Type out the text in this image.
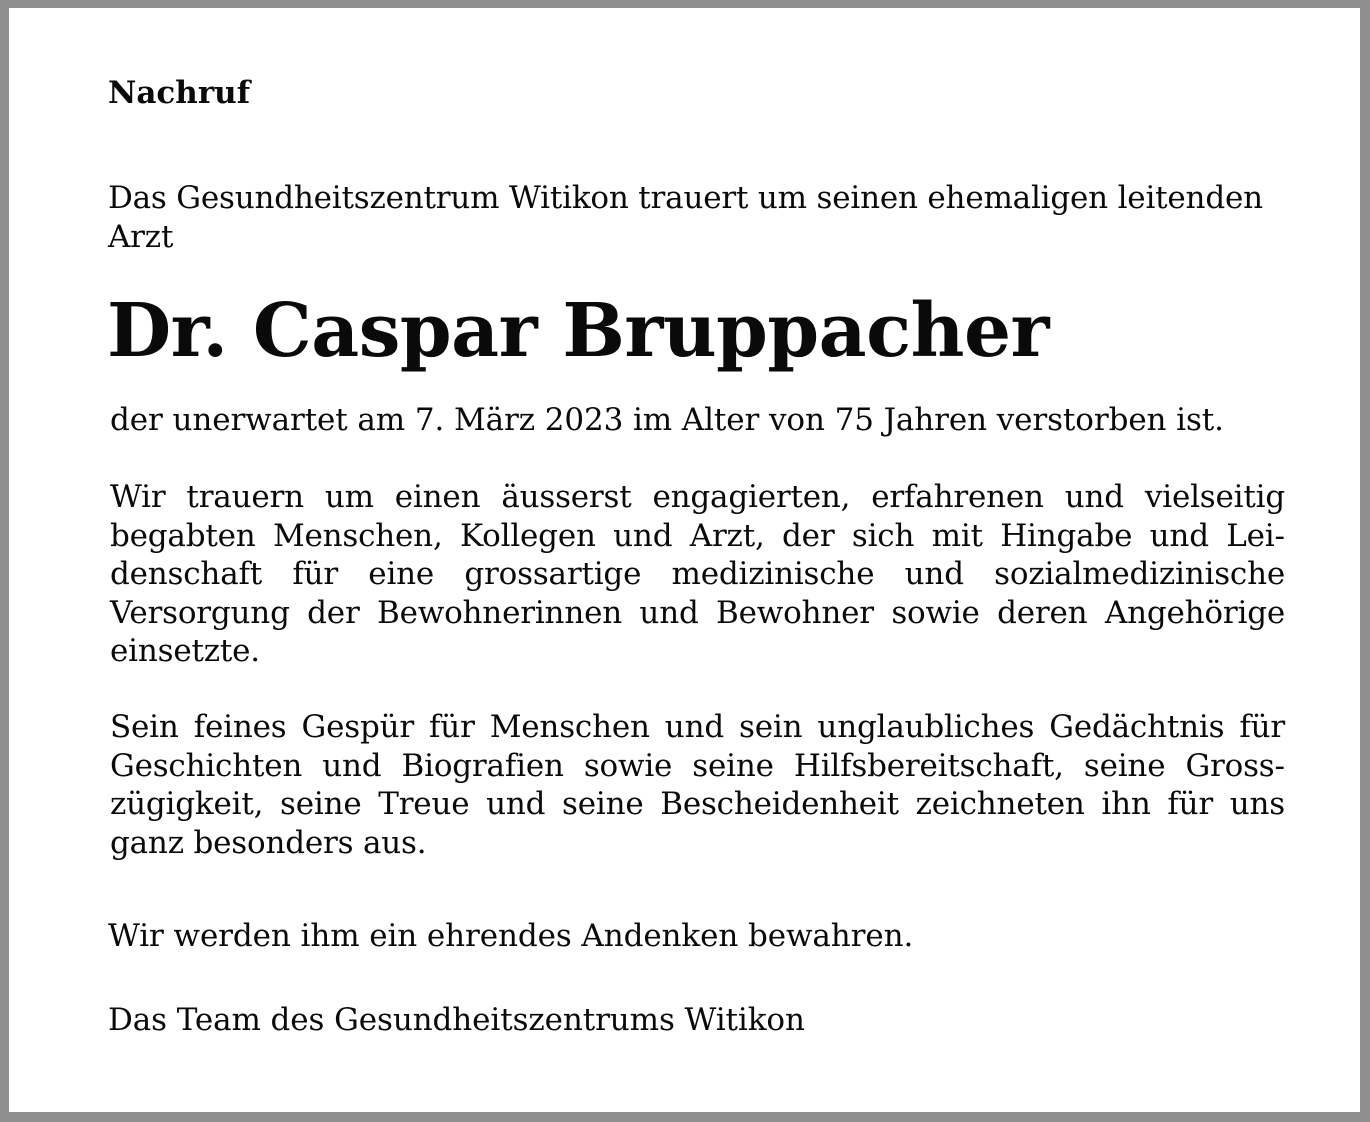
Nachruf
Das Gesundheitszentrum Witikon trauert um seinen ehemaligen leitenden Arzt
Dr. Caspar Bruppacher
der unerwartet am 7. März 2023 im Alter von 75 Jahren verstorben ist.
Wir trauern um einen äusserst engagierten, erfahrenen und vielseitig begabten Menschen, Kollegen und Arzt, der sich mit Hingabe und Leidenschaft für eine grossartige medizinische und sozialmedizinische Versorgung der Bewohnerinnen und Bewohner sowie deren Angehörige einsetzte.
Sein feines Gespür für Menschen und sein unglaubliches Gedächtnis für Geschichten und Biografien sowie seine Hilfsbereitschaft, seine Grosszügigkeit, seine Treue und seine Bescheidenheit zeichneten ihn für uns ganz besonders aus.
Wir werden ihm ein ehrendes Andenken bewahren.
Das Team des Gesundheitszentrums Witikon
